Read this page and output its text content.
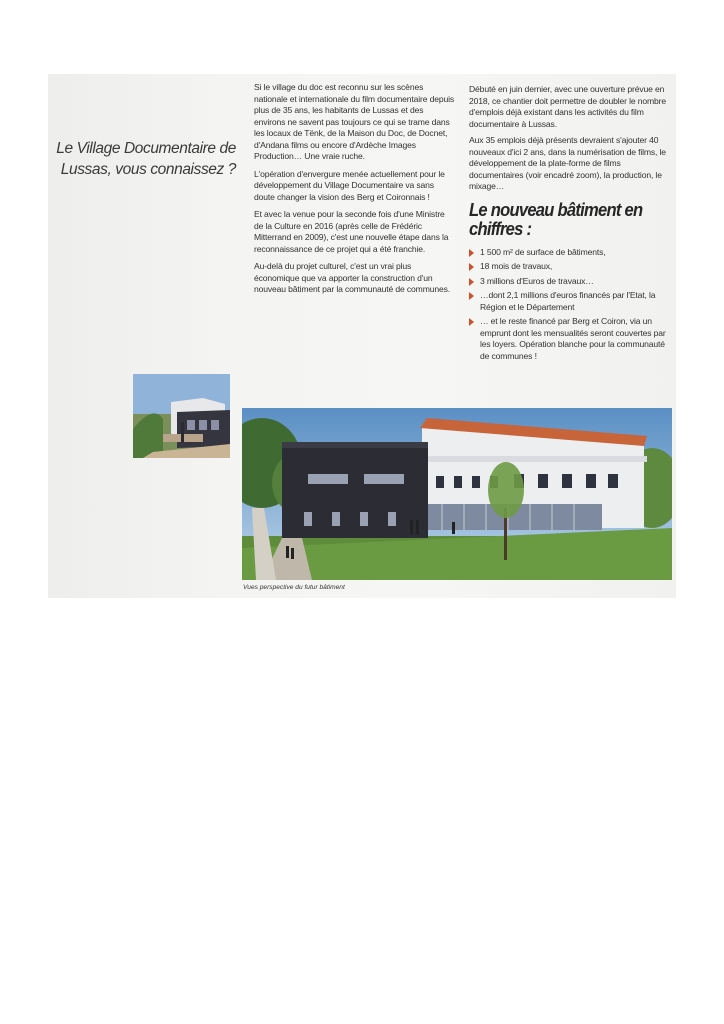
Le Village Documentaire de Lussas, vous connaissez ?

Si le village du doc est reconnu sur les scènes nationale et internationale du film documentaire depuis plus de 35 ans, les habitants de Lussas et des environs ne savent pas toujours ce qui se trame dans les locaux de Tënk, de la Maison du Doc, de Docnet, d'Andana films ou encore d'Ardèche Images Production… Une vraie ruche.

L'opération d'envergure menée actuellement pour le développement du Village Documentaire va sans doute changer la vision des Berg et Coironnais !

Et avec la venue pour la seconde fois d'une Ministre de la Culture en 2016 (après celle de Frédéric Mitterrand en 2009), c'est une nouvelle étape dans la reconnaissance de ce projet qui a été franchie.

Au-delà du projet culturel, c'est un vrai plus économique que va apporter la construction d'un nouveau bâtiment par la communauté de communes.

Débuté en juin dernier, avec une ouverture prévue en 2018, ce chantier doit permettre de doubler le nombre d'emplois déjà existant dans les activités du film documentaire à Lussas.

Aux 35 emplois déjà présents devraient s'ajouter 40 nouveaux d'ici 2 ans, dans la numérisation de films, le développement de la plate-forme de films documentaires (voir encadré zoom), la production, le mixage…

Le nouveau bâtiment en chiffres :
1 500 m² de surface de bâtiments,
18 mois de travaux,
3 millions d'Euros de travaux…
…dont 2,1 millions d'euros financés par l'Etat, la Région et le Département
… et le reste financé par Berg et Coiron, via un emprunt dont les mensualités seront couvertes par les loyers. Opération blanche pour la communauté de communes !
Vues perspective du futur bâtiment
